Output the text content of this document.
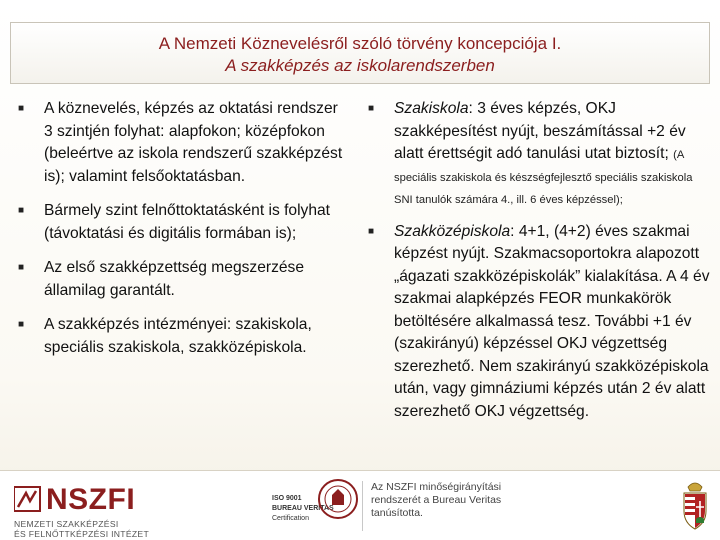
A Nemzeti Köznevelésről szóló törvény koncepciója I.
A szakképzés az iskolarendszerben
■ A köznevelés, képzés az oktatási rendszer 3 szintjén folyhat: alapfokon; középfokon (beleértve az iskola rendszerű szakképzést is); valamint felsőoktatásban.
■ Bármely szint felnőttoktatásként is folyhat (távoktatási és digitális formában is);
■ Az első szakképzettség megszerzése államilag garantált.
■ A szakképzés intézményei: szakiskola, speciális szakiskola, szakközépiskola.
■ Szakiskola: 3 éves képzés, OKJ szakképesítést nyújt, beszámítással +2 év alatt érettségit adó tanulási utat biztosít; (A speciális szakiskola és készségfejlesztő speciális szakiskola SNI tanulók számára 4., ill. 6 éves képzéssel);
■ Szakközépiskola: 4+1, (4+2) éves szakmai képzést nyújt. Szakmacsoportokra alapozott „ágazati szakközépiskolák” kialakítása. A 4 év szakmai alapképzés FEOR munkakörök betöltésére alkalmassá tesz. További +1 év (szakirányú) képzéssel OKJ végzettség szerezhető. Nem szakirányú szakközépiskola után, vagy gimnáziumi képzés után 2 év alatt szerezhető OKJ végzettség.
NSZFI
NEMZETI SZAKKÉPZÉSI
ÉS FELNŐTTKÉPZÉSI INTÉZET
ISO 9001
BUREAU VERITAS
Certification
Az NSZFI minőségirányítási
rendszerét a Bureau Veritas
tanúsította.
